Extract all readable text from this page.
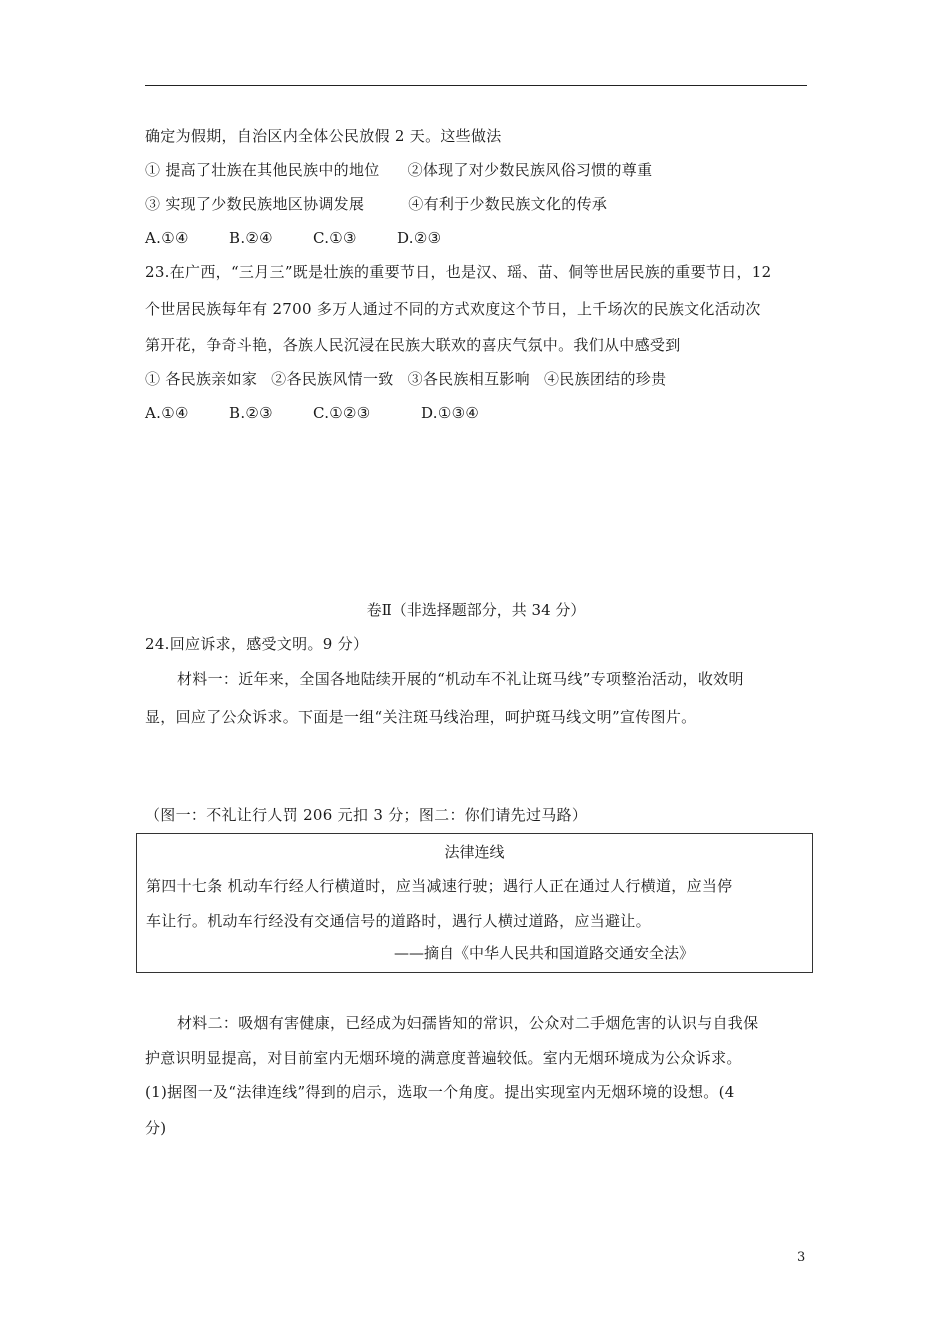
确定为假期，自治区内全体公民放假 2 天。这些做法
① 提高了壮族在其他民族中的地位 ②体现了对少数民族风俗习惯的尊重
③ 实现了少数民族地区协调发展	④有利于少数民族文化的传承
A.①④	B.②④	C.①③	D.②③
23.在广西，“三月三”既是壮族的重要节日，也是汉、瑶、苗、侗等世居民族的重要节日，12
个世居民族每年有 2700 多万人通过不同的方式欢度这个节日，上千场次的民族文化活动次
第开花，争奇斗艳，各族人民沉浸在民族大联欢的喜庆气氛中。我们从中感受到
① 各民族亲如家 ②各民族风情一致 ③各民族相互影响 ④民族团结的珍贵
A.①④	B.②③	C.①②③	D.①③④
卷Ⅱ（非选择题部分，共 34 分）
24.回应诉求，感受文明。9 分）
材料一：近年来，全国各地陆续开展的“机动车不礼让斑马线”专项整治活动，收效明
显，回应了公众诉求。下面是一组“关注斑马线治理，呵护斑马线文明”宣传图片。
（图一：不礼让行人罚 206 元扣 3 分；图二：你们请先过马路）
法律连线
第四十七条 机动车行经人行横道时，应当减速行驶；遇行人正在通过人行横道，应当停
车让行。机动车行经没有交通信号的道路时，遇行人横过道路，应当避让。
——摘自《中华人民共和国道路交通安全法》
材料二：吸烟有害健康，已经成为妇孺皆知的常识，公众对二手烟危害的认识与自我保
护意识明显提高，对目前室内无烟环境的满意度普遍较低。室内无烟环境成为公众诉求。
(1)据图一及“法律连线”得到的启示，选取一个角度。提出实现室内无烟环境的设想。(4
分)
3
